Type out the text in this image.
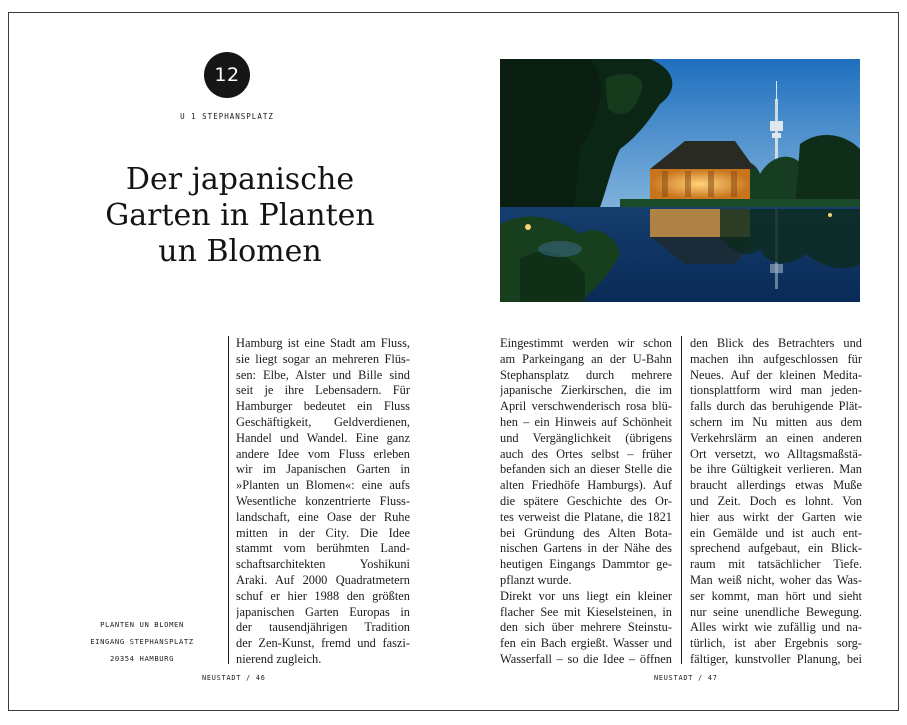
12
U 1 STEPHANSPLATZ
Der japanische
Garten in Planten
un Blomen
PLANTEN UN BLOMEN
EINGANG STEPHANSPLATZ
20354 HAMBURG
Hamburg ist eine Stadt am Fluss,
sie liegt sogar an mehreren Flüs-
sen: Elbe, Alster und Bille sind
seit je ihre Lebensadern. Für
Hamburger bedeutet ein Fluss
Geschäftigkeit, Geldverdienen,
Handel und Wandel. Eine ganz
andere Idee vom Fluss erleben
wir im Japanischen Garten in
»Planten un Blomen«: eine aufs
Wesentliche konzentrierte Fluss-
landschaft, eine Oase der Ruhe
mitten in der City. Die Idee
stammt vom berühmten Land-
schaftsarchitekten Yoshikuni
Araki. Auf 2000 Quadratmetern
schuf er hier 1988 den größten
japanischen Garten Europas in
der tausendjährigen Tradition
der Zen-Kunst, fremd und faszi-
nierend zugleich.
NEUSTADT / 46
Eingestimmt werden wir schon
am Parkeingang an der U-Bahn
Stephansplatz durch mehrere
japanische Zierkirschen, die im
April verschwenderisch rosa blü-
hen – ein Hinweis auf Schönheit
und Vergänglichkeit (übrigens
auch des Ortes selbst – früher
befanden sich an dieser Stelle die
alten Friedhöfe Hamburgs). Auf
die spätere Geschichte des Or-
tes verweist die Platane, die 1821
bei Gründung des Alten Bota-
nischen Gartens in der Nähe des
heutigen Eingangs Dammtor ge-
pflanzt wurde.
Direkt vor uns liegt ein kleiner
flacher See mit Kieselsteinen, in
den sich über mehrere Steinstu-
fen ein Bach ergießt. Wasser und
Wasserfall – so die Idee – öffnen
den Blick des Betrachters und
machen ihn aufgeschlossen für
Neues. Auf der kleinen Medita-
tionsplattform wird man jeden-
falls durch das beruhigende Plät-
schern im Nu mitten aus dem
Verkehrslärm an einen anderen
Ort versetzt, wo Alltagsmaßstä-
be ihre Gültigkeit verlieren. Man
braucht allerdings etwas Muße
und Zeit. Doch es lohnt. Von
hier aus wirkt der Garten wie
ein Gemälde und ist auch ent-
sprechend aufgebaut, ein Blick-
raum mit tatsächlicher Tiefe.
Man weiß nicht, woher das Was-
ser kommt, man hört und sieht
nur seine unendliche Bewegung.
Alles wirkt wie zufällig und na-
türlich, ist aber Ergebnis sorg-
fältiger, kunstvoller Planung, bei
NEUSTADT / 47
